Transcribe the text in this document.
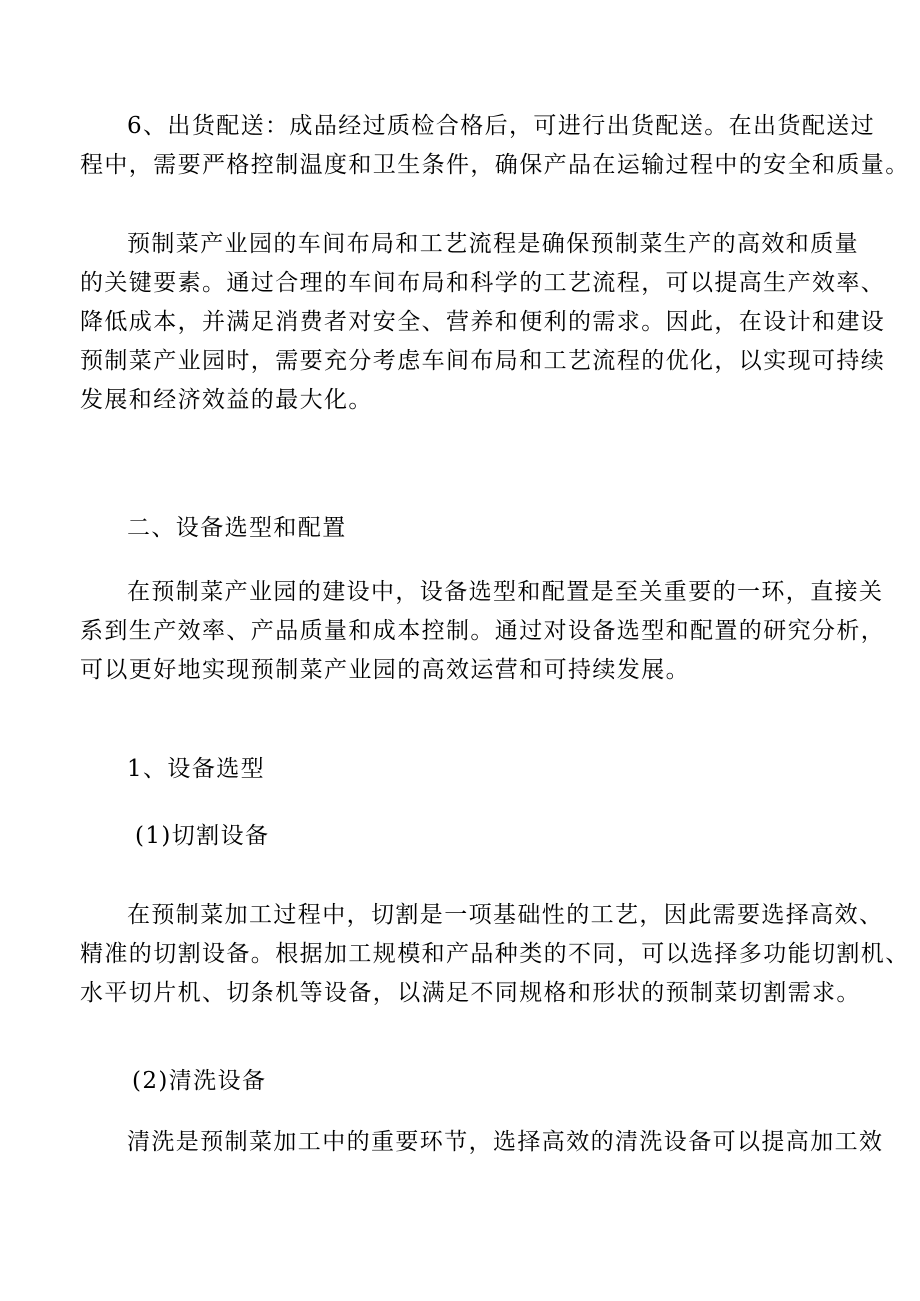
6、出货配送：成品经过质检合格后，可进行出货配送。在出货配送过
程中，需要严格控制温度和卫生条件，确保产品在运输过程中的安全和质量。
预制菜产业园的车间布局和工艺流程是确保预制菜生产的高效和质量
的关键要素。通过合理的车间布局和科学的工艺流程，可以提高生产效率、
降低成本，并满足消费者对安全、营养和便利的需求。因此，在设计和建设
预制菜产业园时，需要充分考虑车间布局和工艺流程的优化，以实现可持续
发展和经济效益的最大化。
二、设备选型和配置
在预制菜产业园的建设中，设备选型和配置是至关重要的一环，直接关
系到生产效率、产品质量和成本控制。通过对设备选型和配置的研究分析，
可以更好地实现预制菜产业园的高效运营和可持续发展。
1、设备选型
(1)切割设备
在预制菜加工过程中，切割是一项基础性的工艺，因此需要选择高效、
精准的切割设备。根据加工规模和产品种类的不同，可以选择多功能切割机、
水平切片机、切条机等设备，以满足不同规格和形状的预制菜切割需求。
(2)清洗设备
清洗是预制菜加工中的重要环节，选择高效的清洗设备可以提高加工效
